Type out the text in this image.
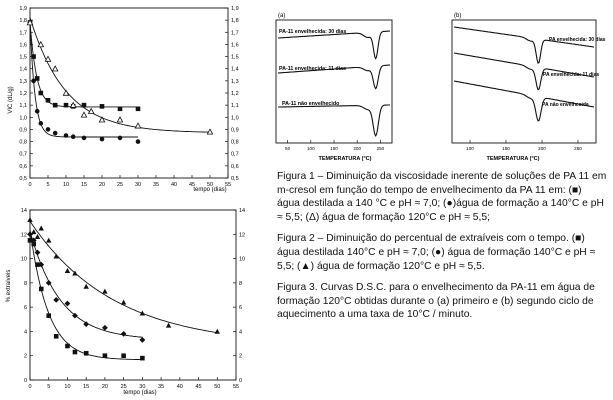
VIC (dL/g)
tempo (dias)
0	5 10 15 20 25 30 35 40 45 50 55
0,5	0,5
0,6	0,6
0,7	0,7
0,8	0,8
0,9	0,9
1,0	1,0
1,1	1,1
1,2	1,2
1,3	1,3
1,4	1,4
1,5	1,5
1,6	1,6
1,7	1,7
1,8	1,8
1,9	1,9
% extraíveis
tempo (dias)
0	5	10 15 20 25 30 35 40 45 50 55
0	0
2	2
4	4
6	6
8	8
10	10
12	12
14	14
(a)
PA-11 envelhecida: 30 dias
PA-11 envelhecida: 11 dias
PA-11 não envelhecido
TEMPERATURA (°C)
50	100	150	200	250
(b)
PA envelhecida: 30 dias
PA envelhecida: 11 dias
PA não envelhecida
TEMPERATURA (°C)
100	150	200	250

Figura 1 – Diminuição da viscosidade inerente de soluções de PA 11 em m-cresol em função do tempo de envelhecimento da PA 11 em: (■) água destilada a 140 °C e pH ≈ 7,0; (●)água de formação a 140°C e pH ≈ 5,5; (Δ) água de formação 120°C e pH ≈ 5,5;

Figura 2 – Diminuição do percentual de extraíveis com o tempo. (■) água destilada 140°C e pH ≈ 7,0; (●) água de formação 140°C e pH ≈ 5,5; (▲) água de formação 120°C e pH ≈ 5,5.

Figura 3. Curvas D.S.C. para o envelhecimento da PA-11 em água de formação 120°C obtidas durante o (a) primeiro e (b) segundo ciclo de aquecimento a uma taxa de 10°C / minuto.
